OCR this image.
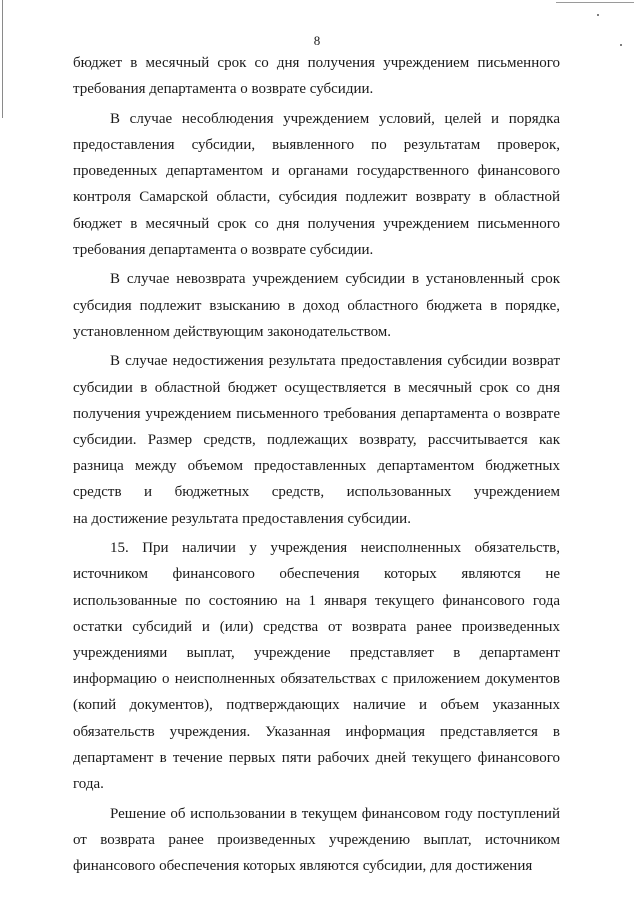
8
бюджет в месячный срок со дня получения учреждением письменного
требования департамента о возврате субсидии.
В случае несоблюдения учреждением условий, целей и порядка
предоставления субсидии, выявленного по результатам проверок,
проведенных департаментом и органами государственного финансового
контроля Самарской области, субсидия подлежит возврату в областной
бюджет в месячный срок со дня получения учреждением письменного
требования департамента о возврате субсидии.
В случае невозврата учреждением субсидии в установленный срок
субсидия подлежит взысканию в доход областного бюджета в порядке,
установленном действующим законодательством.
В случае недостижения результата предоставления субсидии возврат
субсидии в областной бюджет осуществляется в месячный срок со дня
получения учреждением письменного требования департамента о возврате
субсидии. Размер средств, подлежащих возврату, рассчитывается как
разница между объемом предоставленных департаментом бюджетных
средств и бюджетных средств, использованных учреждением
на достижение результата предоставления субсидии.
15. При наличии у учреждения неисполненных обязательств,
источником финансового обеспечения которых являются не
использованные по состоянию на 1 января текущего финансового года
остатки субсидий и (или) средства от возврата ранее произведенных
учреждениями выплат, учреждение представляет в департамент
информацию о неисполненных обязательствах с приложением документов
(копий документов), подтверждающих наличие и объем указанных
обязательств учреждения. Указанная информация представляется в
департамент в течение первых пяти рабочих дней текущего финансового
года.
Решение об использовании в текущем финансовом году поступлений
от возврата ранее произведенных учреждению выплат, источником
финансового обеспечения которых являются субсидии, для достижения
